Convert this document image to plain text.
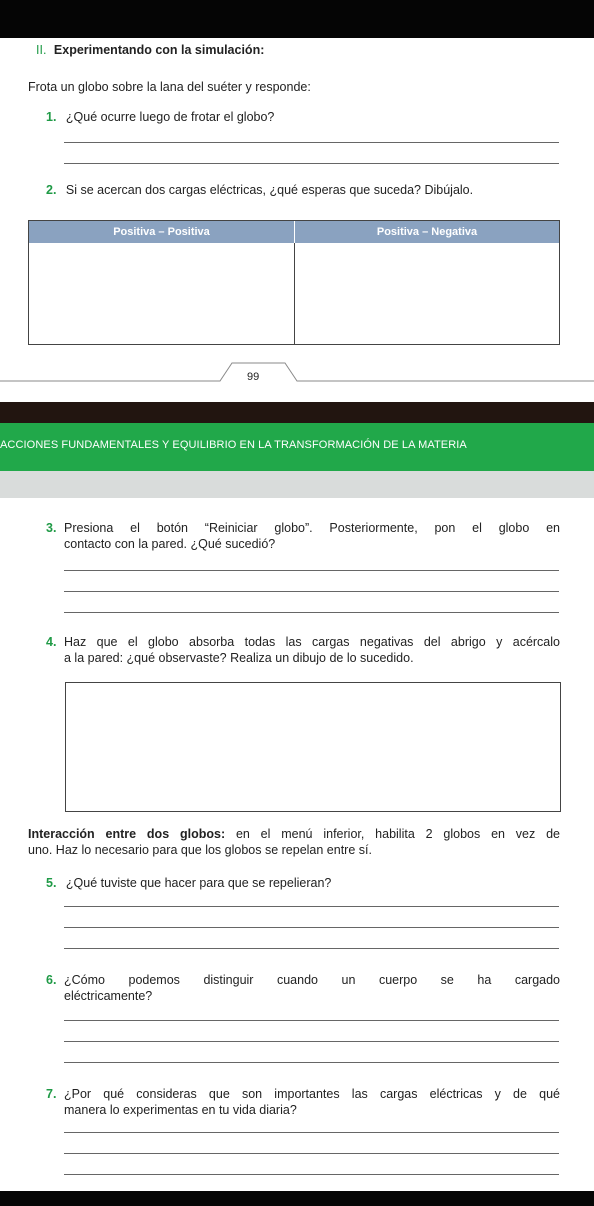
II. Experimentando con la simulación:
Frota un globo sobre la lana del suéter y responde:
1. ¿Qué ocurre luego de frotar el globo?
2. Si se acercan dos cargas eléctricas, ¿qué esperas que suceda? Dibújalo.
Positiva – Positiva	Positiva – Negativa
99
ACCIONES FUNDAMENTALES Y EQUILIBRIO EN LA TRANSFORMACIÓN DE LA MATERIA
3. Presiona el botón “Reiniciar globo”. Posteriormente, pon el globo en
contacto con la pared. ¿Qué sucedió?
4. Haz que el globo absorba todas las cargas negativas del abrigo y acércalo
a la pared: ¿qué observaste? Realiza un dibujo de lo sucedido.
Interacción entre dos globos: en el menú inferior, habilita 2 globos en vez de
uno. Haz lo necesario para que los globos se repelan entre sí.
5. ¿Qué tuviste que hacer para que se repelieran?
6. ¿Cómo podemos distinguir cuando un cuerpo se ha cargado
eléctricamente?
7. ¿Por qué consideras que son importantes las cargas eléctricas y de qué
manera lo experimentas en tu vida diaria?
